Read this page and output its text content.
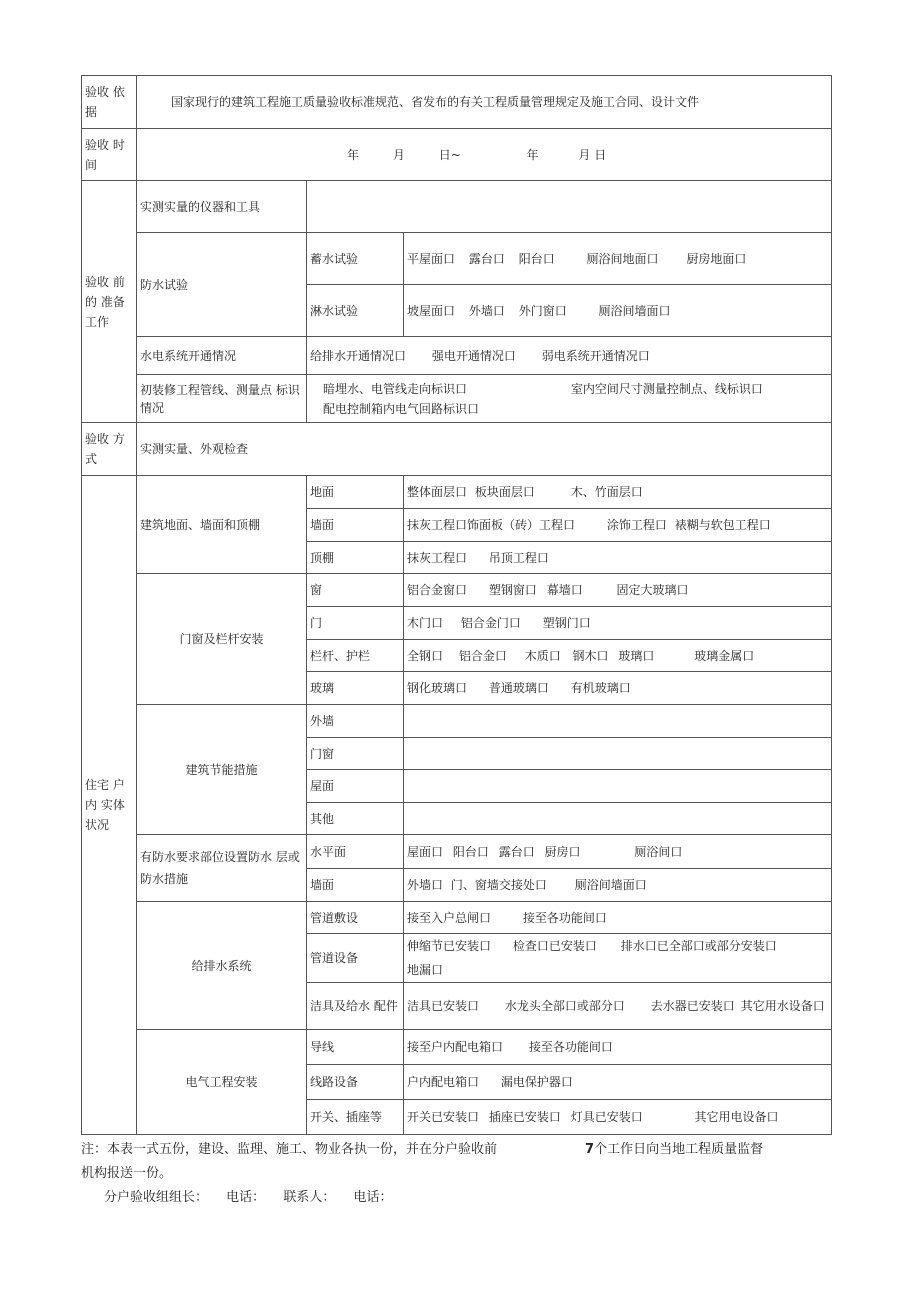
验收 依 据	国家现行的建筑工程施工质量验收标准规范、省发布的有关工程质量管理规定及施工合同、设计文件		
验收 时 间	年 月 日~ 年 月 日		
验收 前 的 准备 工作	实测实量的仪器和工具		
	防水试验	蓄水试验	平屋面口 露台口 阳台口 厕浴间地面口 厨房地面口
		淋水试验	坡屋面口 外墙口 外门窗口 厕浴间墙面口
	水电系统开通情况	给排水开通情况口 强电开通情况口 弱电系统开通情况口	
	初装修工程管线、测量点 标识情况	暗埋水、电管线走向标识口 室内空间尺寸测量控制点、线标识口
配电控制箱内电气回路标识口	

验收 方 式	实测实量、外观检查		
住宅 户 内 实体 状况	建筑地面、墙面和顶棚	地面	整体面层口 板块面层口 木、竹面层口
		墙面	抹灰工程口饰面板（砖）工程口 涂饰工程口 裱糊与软包工程口
		顶棚	抹灰工程口 吊顶工程口
	门窗及栏杆安装	窗	铝合金窗口 塑钢窗口 幕墙口 固定大玻璃口
		门	木门口 铝合金门口 塑钢门口
		栏杆、护栏	全钢口 铝合金口 木质口 钢木口 玻璃口 玻璃金属口
		玻璃	钢化玻璃口 普通玻璃口 有机玻璃口
	建筑节能措施	外墙	
		门窗	
		屋面	
		其他	
	有防水要求部位设置防水 层或防水措施	水平面	屋面口 阳台口 露台口 厨房口 厕浴间口
		墙面	外墙口 门、窗墙交接处口 厕浴间墙面口
	给排水系统	管道敷设	接至入户总闸口 接至各功能间口
		管道设备	伸缩节已安装口 检查口已安装口 排水口已全部口或部分安装口
地漏口

		洁具及给水 配件	洁具已安装口 水龙头全部口或部分口 去水器已安装口 其它用水设备口
	电气工程安装	导线	接至户内配电箱口 接至各功能间口
		线路设备	户内配电箱口 漏电保护器口
		开关、插座等	开关已安装口 插座已安装口 灯具已安装口 其它用电设备口
注：本表一式五份，建设、监理、施工、物业各执一份，并在分户验收前	7个工作日向当地工程质量监督
机构报送一份。
分户验收组组长： 电话： 联系人： 电话：
